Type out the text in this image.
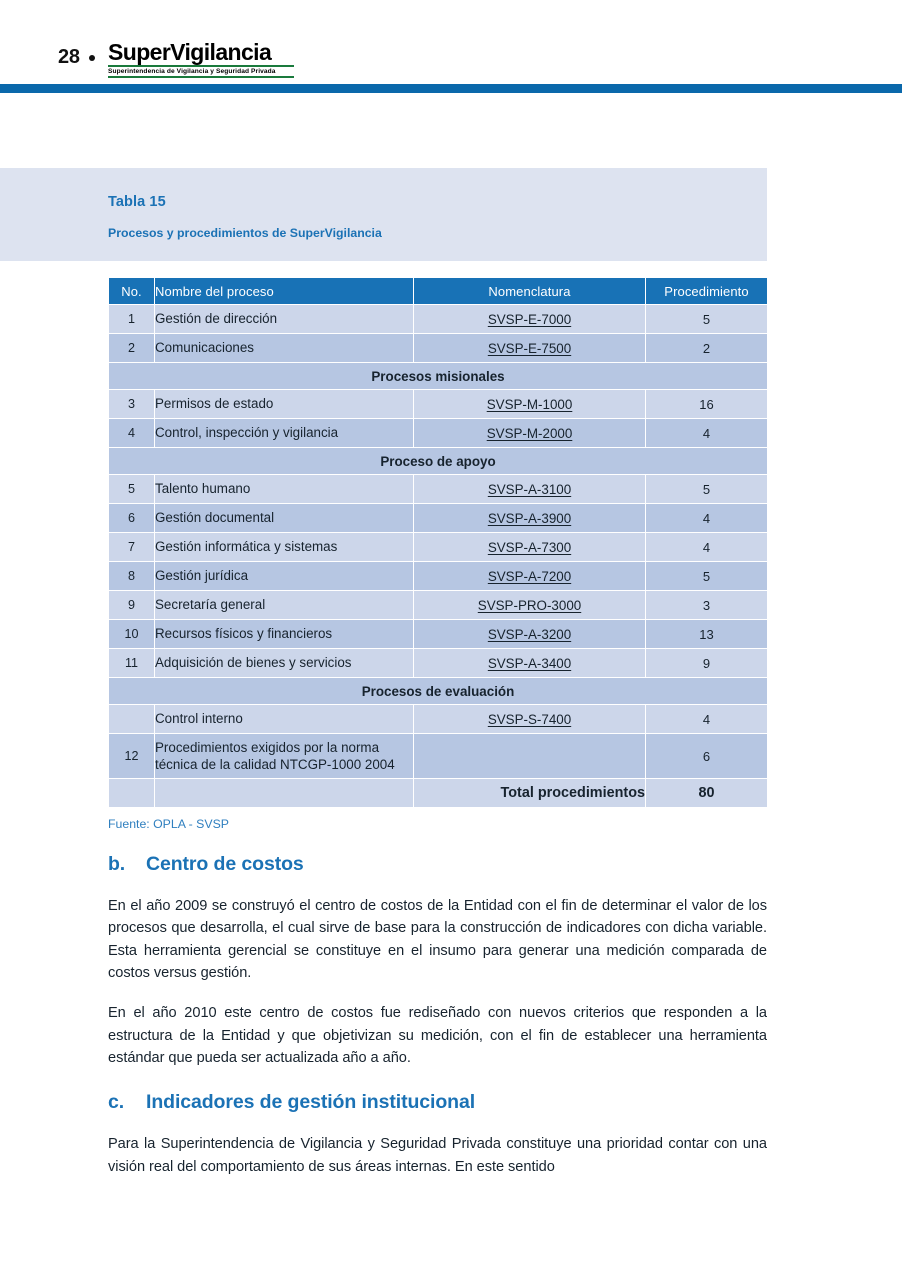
28 SuperVigilancia
Superintendencia de Vigilancia y Seguridad Privada
Tabla 15
Procesos y procedimientos de SuperVigilancia
No.	Nombre del proceso	Nomenclatura	Procedimiento
1	Gestión de dirección	SVSP-E-7000	5
2	Comunicaciones	SVSP-E-7500	2
Procesos misionales			
3	Permisos de estado	SVSP-M-1000	16
4	Control, inspección y vigilancia	SVSP-M-2000	4
Proceso de apoyo			
5	Talento humano	SVSP-A-3100	5
6	Gestión documental	SVSP-A-3900	4
7	Gestión informática y sistemas	SVSP-A-7300	4
8	Gestión jurídica	SVSP-A-7200	5
9	Secretaría general	SVSP-PRO-3000	3
10	Recursos físicos y financieros	SVSP-A-3200	13
11	Adquisición de bienes y servicios	SVSP-A-3400	9
Procesos de evaluación			
	Control interno	SVSP-S-7400	4
12	Procedimientos exigidos por la norma técnica de la calidad NTCGP-1000 2004		6
		Total procedimientos	80
Fuente: OPLA - SVSP
b.	Centro de costos

En el año 2009 se construyó el centro de costos de la Entidad con el fin de determinar el valor de los procesos que desarrolla, el cual sirve de base para la construcción de indicadores con dicha variable. Esta herramienta gerencial se constituye en el insumo para generar una medición comparada de costos versus gestión.

En el año 2010 este centro de costos fue rediseñado con nuevos criterios que responden a la estructura de la Entidad y que objetivizan su medición, con el fin de establecer una herramienta estándar que pueda ser actualizada año a año.

c.	Indicadores de gestión institucional

Para la Superintendencia de Vigilancia y Seguridad Privada constituye una prioridad contar con una visión real del comportamiento de sus áreas internas. En este sentido
